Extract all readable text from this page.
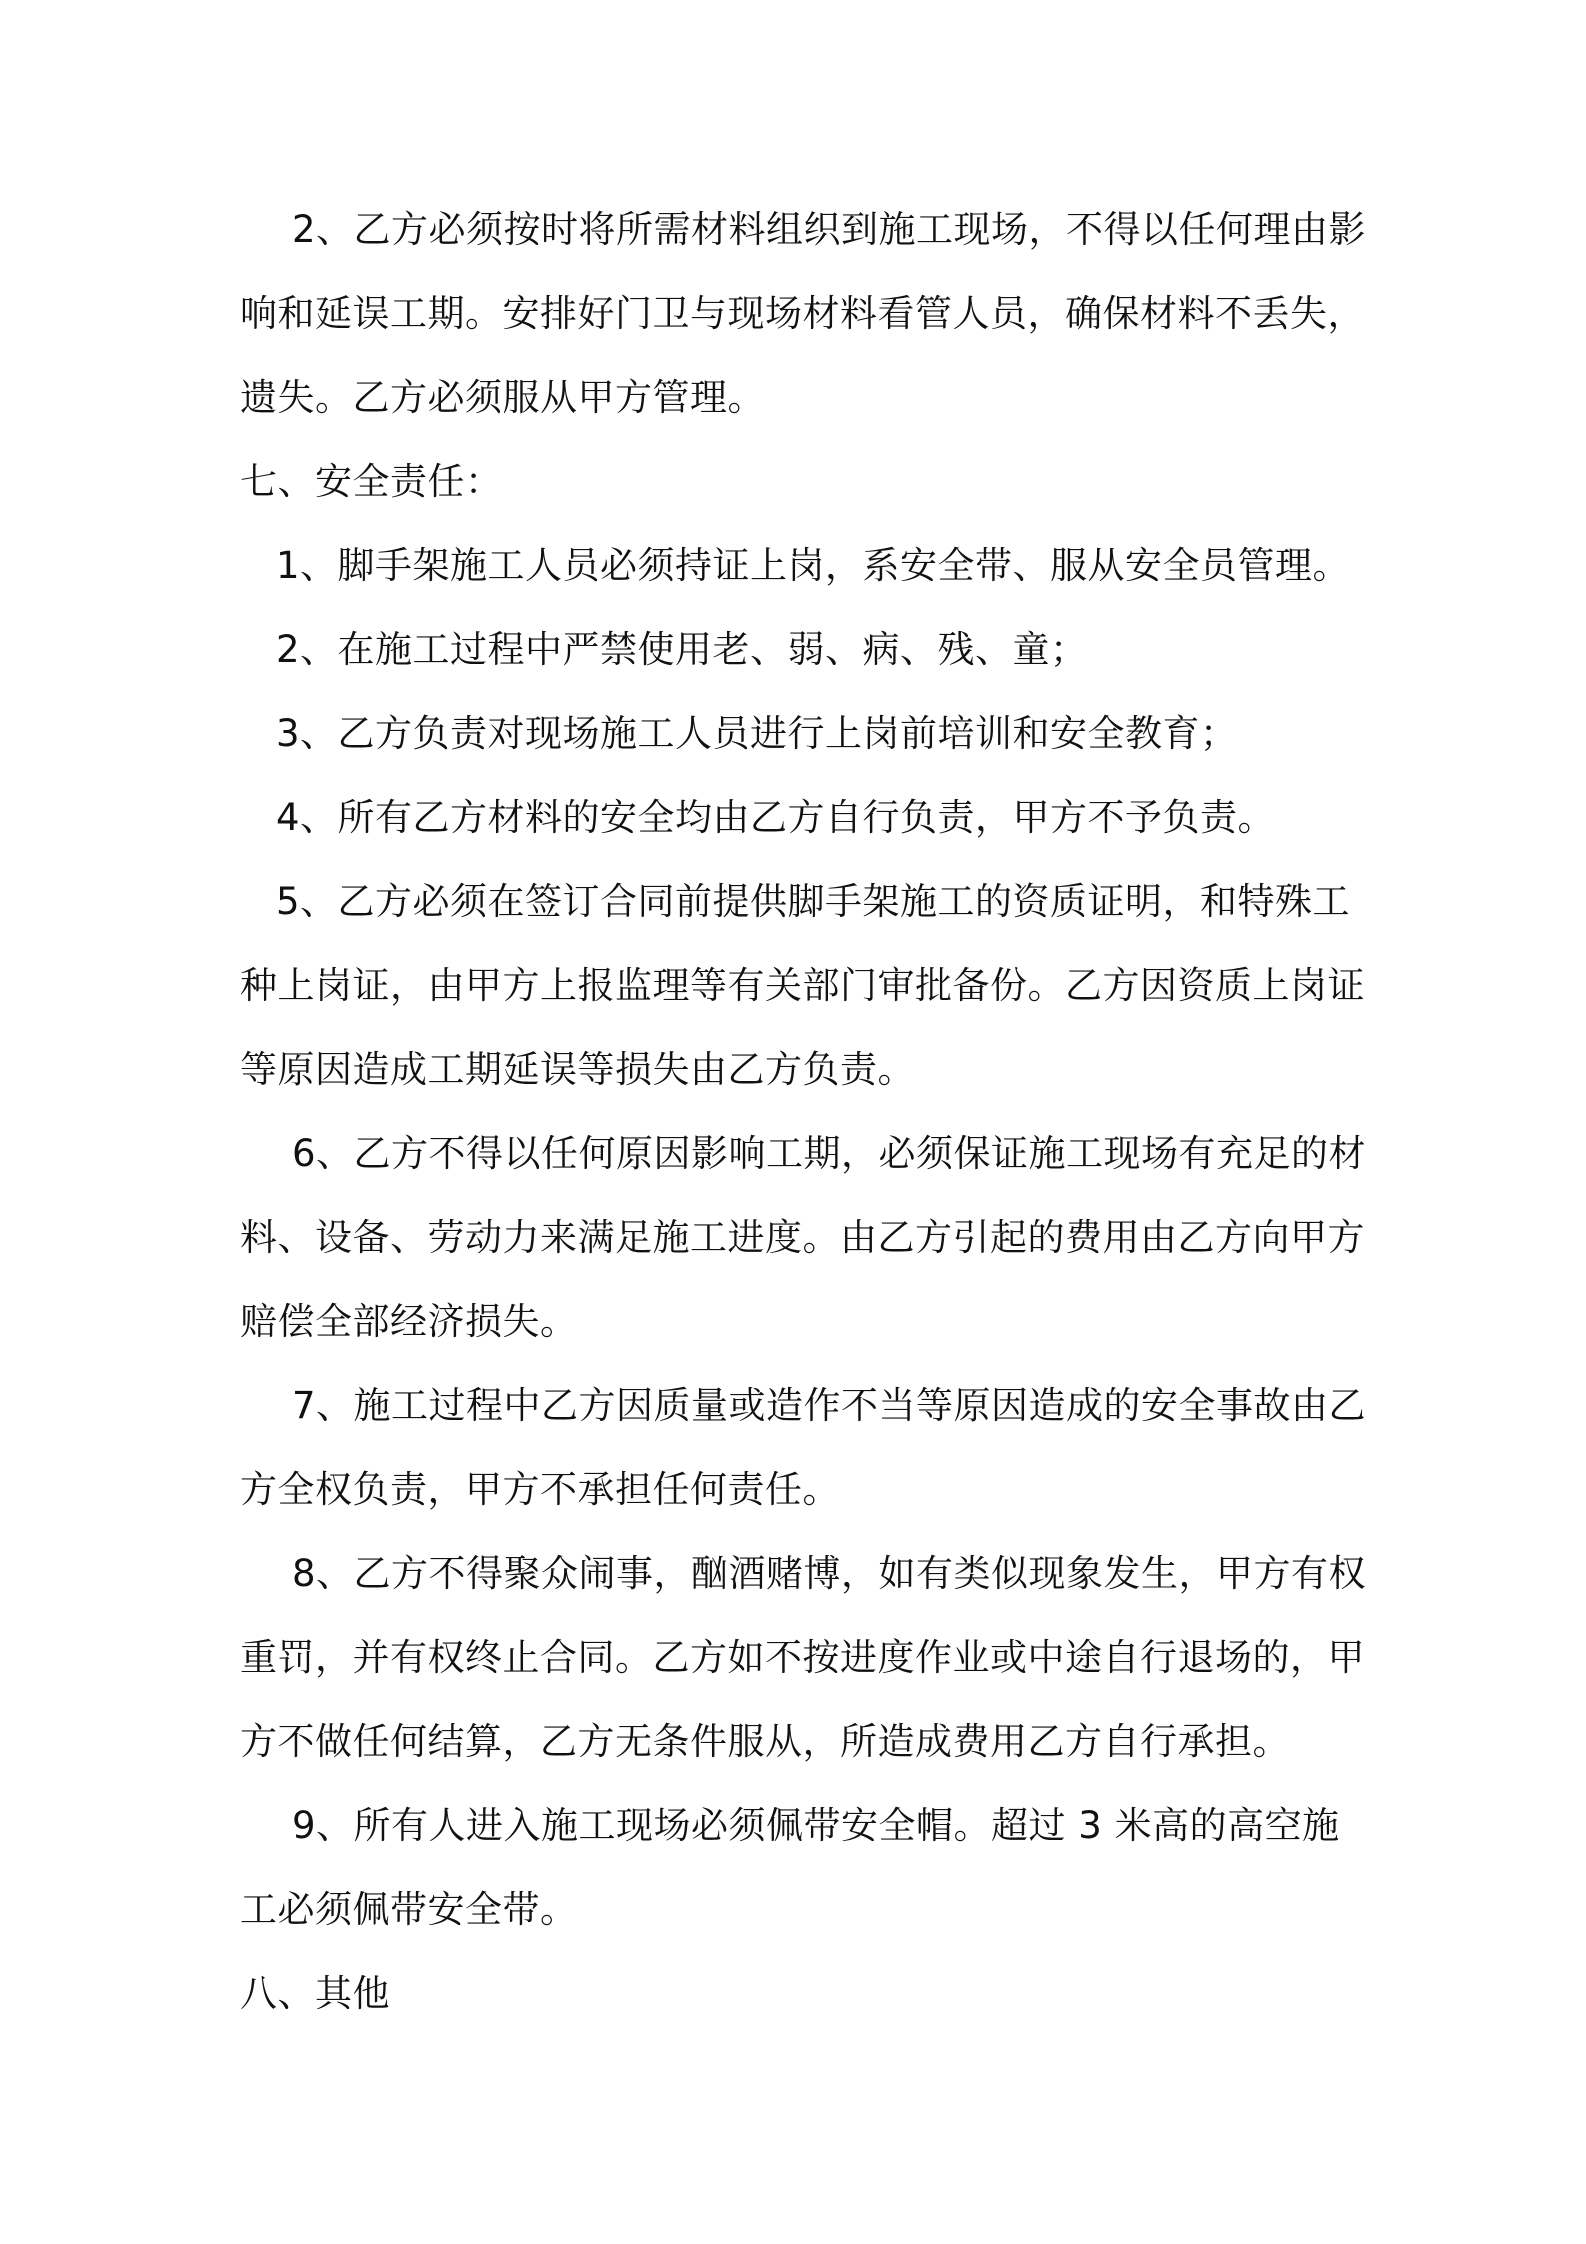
2、乙方必须按时将所需材料组织到施工现场，不得以任何理由影
响和延误工期。安排好门卫与现场材料看管人员，确保材料不丢失，
遗失。乙方必须服从甲方管理。
七、安全责任：
1、脚手架施工人员必须持证上岗，系安全带、服从安全员管理。
2、在施工过程中严禁使用老、弱、病、残、童；
3、乙方负责对现场施工人员进行上岗前培训和安全教育；
4、所有乙方材料的安全均由乙方自行负责，甲方不予负责。
5、乙方必须在签订合同前提供脚手架施工的资质证明，和特殊工
种上岗证，由甲方上报监理等有关部门审批备份。乙方因资质上岗证
等原因造成工期延误等损失由乙方负责。
6、乙方不得以任何原因影响工期，必须保证施工现场有充足的材
料、设备、劳动力来满足施工进度。由乙方引起的费用由乙方向甲方
赔偿全部经济损失。
7、施工过程中乙方因质量或造作不当等原因造成的安全事故由乙
方全权负责，甲方不承担任何责任。
8、乙方不得聚众闹事，酗酒赌博，如有类似现象发生，甲方有权
重罚，并有权终止合同。乙方如不按进度作业或中途自行退场的，甲
方不做任何结算，乙方无条件服从，所造成费用乙方自行承担。
9、所有人进入施工现场必须佩带安全帽。超过 3 米高的高空施
工必须佩带安全带。
八、其他
